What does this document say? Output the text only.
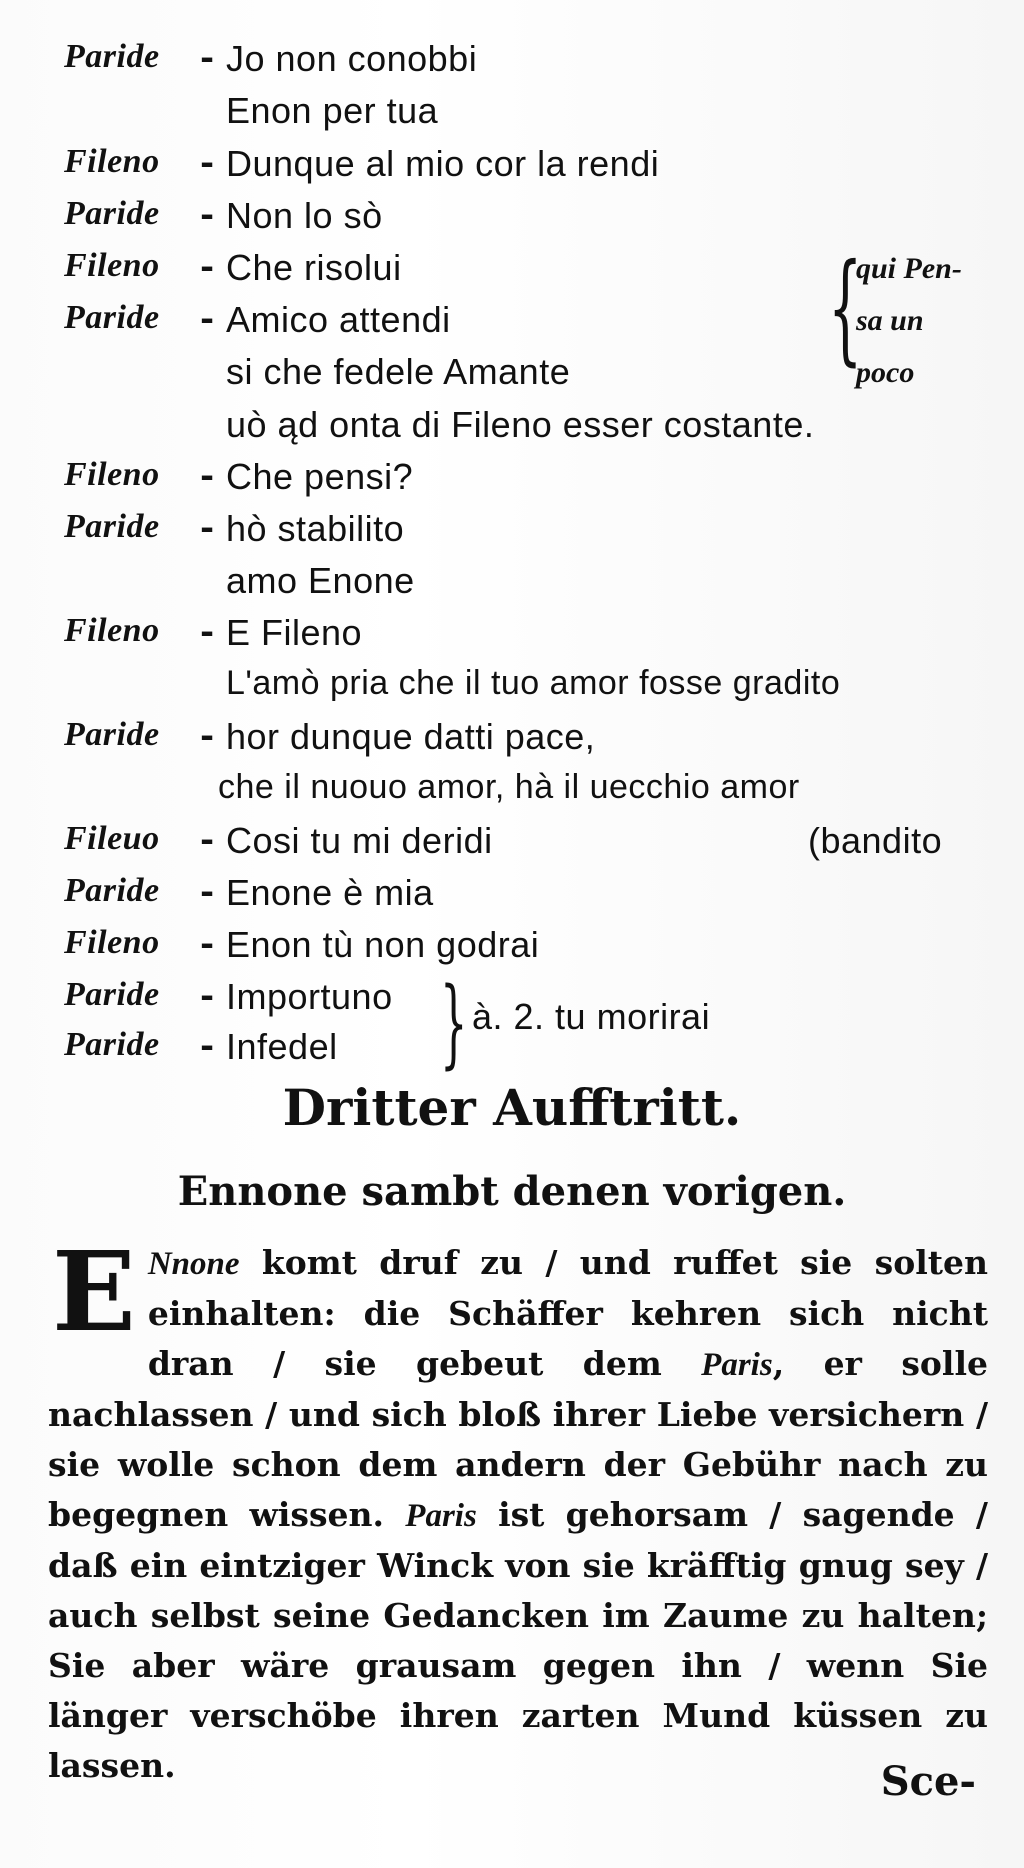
Paride	- Jo non conobbi
Enon per tua
Fileno	- Dunque al mio cor la rendi
Paride	- Non lo sò
Fileno	- Che risolui
Paride	- Amico attendi
si che fedele Amante
uò ąd onta di Fileno esser costante.
{
qui Pen-
sa un
poco
Fileno	- Che pensi?
Paride	- hò stabilito
amo Enone
Fileno	- E Fileno
L'amò pria che il tuo amor fosse gradito
Paride	- hor dunque datti pace,
che il nuouo amor, hà il uecchio amor
Fileuo	- Cosi tu mi deridi	(bandito
Paride	- Enone è mia
Fileno	- Enon tù non godrai
Paride	- Importuno
Paride	- Infedel } à. 2. tu morirai
Dritter Aufftritt.
Ennone sambt denen vorigen.
E Nnone komt druf zu / und ruffet sie solten einhalten: die Schäffer kehren sich nicht dran / sie gebeut dem Paris, er solle nachlassen / und sich bloß ihrer Liebe versichern / sie wolle schon dem andern der Gebühr nach zu begegnen wissen. Paris ist gehorsam / sagende / daß ein eintziger Winck von sie kräfftig gnug sey / auch selbst seine Gedancken im Zaume zu halten; Sie aber wäre grausam gegen ihn / wenn Sie länger verschöbe ihren zarten Mund küssen zu lassen.	Sce-
